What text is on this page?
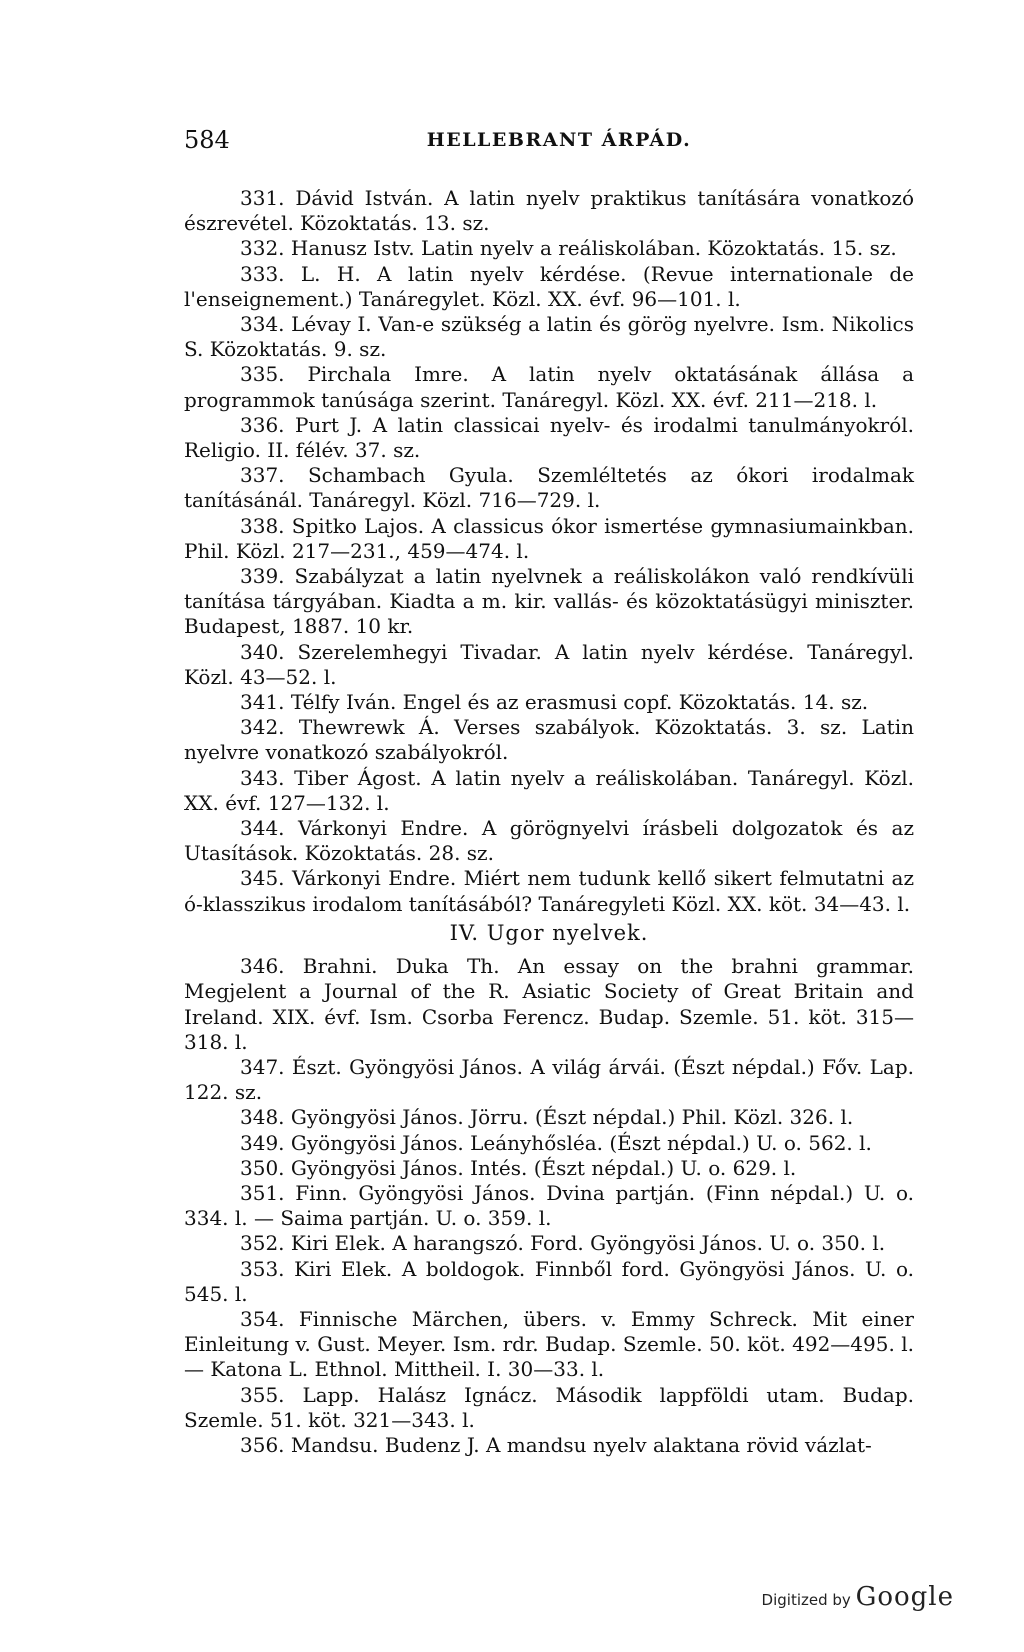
584	HELLEBRANT ÁRPÁD.

331. Dávid István. A latin nyelv praktikus tanítására vonatkozó észrevétel. Közoktatás. 13. sz.

332. Hanusz Istv. Latin nyelv a reáliskolában. Közoktatás. 15. sz.

333. L. H. A latin nyelv kérdése. (Revue internationale de l'enseignement.) Tanáregylet. Közl. XX. évf. 96—101. l.

334. Lévay I. Van-e szükség a latin és görög nyelvre. Ism. Nikolics S. Közoktatás. 9. sz.

335. Pirchala Imre. A latin nyelv oktatásának állása a programmok tanúsága szerint. Tanáregyl. Közl. XX. évf. 211—218. l.

336. Purt J. A latin classicai nyelv- és irodalmi tanulmányokról. Religio. II. félév. 37. sz.

337. Schambach Gyula. Szemléltetés az ókori irodalmak tanításánál. Tanáregyl. Közl. 716—729. l.

338. Spitko Lajos. A classicus ókor ismertése gymnasiumainkban. Phil. Közl. 217—231., 459—474. l.

339. Szabályzat a latin nyelvnek a reáliskolákon való rendkívüli tanítása tárgyában. Kiadta a m. kir. vallás- és közoktatásügyi miniszter. Budapest, 1887. 10 kr.

340. Szerelemhegyi Tivadar. A latin nyelv kérdése. Tanáregyl. Közl. 43—52. l.

341. Télfy Iván. Engel és az erasmusi copf. Közoktatás. 14. sz.

342. Thewrewk Á. Verses szabályok. Közoktatás. 3. sz. Latin nyelvre vonatkozó szabályokról.

343. Tiber Ágost. A latin nyelv a reáliskolában. Tanáregyl. Közl. XX. évf. 127—132. l.

344. Várkonyi Endre. A görögnyelvi írásbeli dolgozatok és az Utasítások. Közoktatás. 28. sz.

345. Várkonyi Endre. Miért nem tudunk kellő sikert felmutatni az ó-klasszikus irodalom tanításából? Tanáregyleti Közl. XX. köt. 34—43. l.

IV. Ugor nyelvek.

346. Brahni. Duka Th. An essay on the brahni grammar. Megjelent a Journal of the R. Asiatic Society of Great Britain and Ireland. XIX. évf. Ism. Csorba Ferencz. Budap. Szemle. 51. köt. 315—318. l.

347. Észt. Gyöngyösi János. A világ árvái. (Észt népdal.) Főv. Lap. 122. sz.

348. Gyöngyösi János. Jörru. (Észt népdal.) Phil. Közl. 326. l.

349. Gyöngyösi János. Leányhősléa. (Észt népdal.) U. o. 562. l.

350. Gyöngyösi János. Intés. (Észt népdal.) U. o. 629. l.

351. Finn. Gyöngyösi János. Dvina partján. (Finn népdal.) U. o. 334. l. — Saima partján. U. o. 359. l.

352. Kiri Elek. A harangszó. Ford. Gyöngyösi János. U. o. 350. l.

353. Kiri Elek. A boldogok. Finnből ford. Gyöngyösi János. U. o. 545. l.

354. Finnische Märchen, übers. v. Emmy Schreck. Mit einer Einleitung v. Gust. Meyer. Ism. rdr. Budap. Szemle. 50. köt. 492—495. l. — Katona L. Ethnol. Mittheil. I. 30—33. l.

355. Lapp. Halász Ignácz. Második lappföldi utam. Budap. Szemle. 51. köt. 321—343. l.

356. Mandsu. Budenz J. A mandsu nyelv alaktana rövid vázlat-

Digitized by Google
